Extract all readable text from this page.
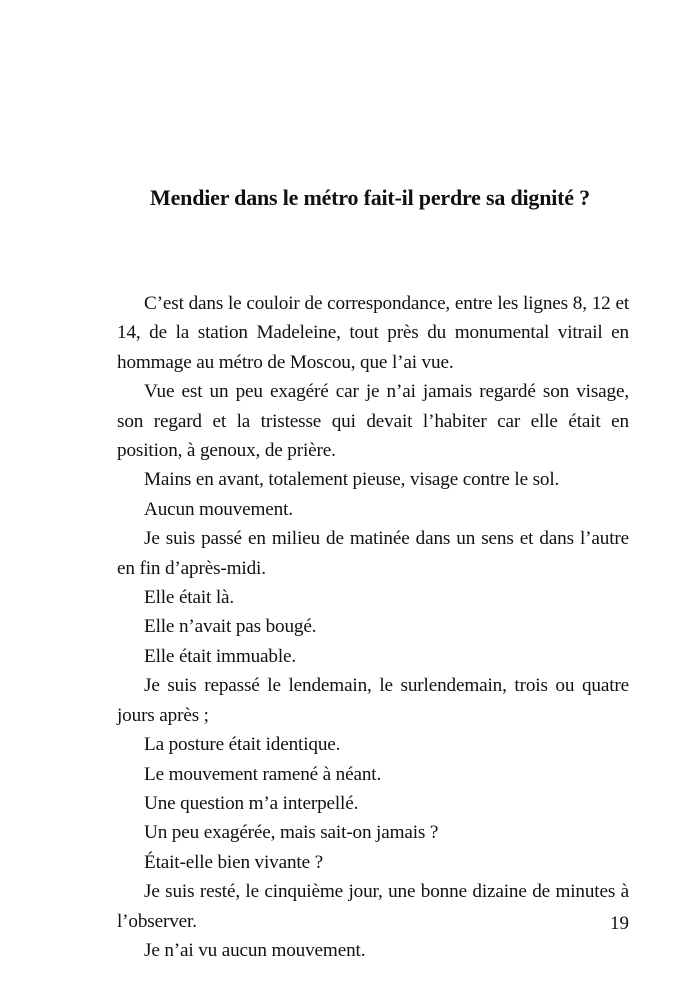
Mendier dans le métro fait-il perdre sa dignité ?

C’est dans le couloir de correspondance, entre les lignes 8, 12 et 14, de la station Madeleine, tout près du monumental vitrail en hommage au métro de Moscou, que l’ai vue.

Vue est un peu exagéré car je n’ai jamais regardé son visage, son regard et la tristesse qui devait l’habiter car elle était en position, à genoux, de prière.

Mains en avant, totalement pieuse, visage contre le sol.

Aucun mouvement.

Je suis passé en milieu de matinée dans un sens et dans l’autre en fin d’après-midi.

Elle était là.

Elle n’avait pas bougé.

Elle était immuable.

Je suis repassé le lendemain, le surlendemain, trois ou quatre jours après ;

La posture était identique.

Le mouvement ramené à néant.

Une question m’a interpellé.

Un peu exagérée, mais sait-on jamais ?

Était-elle bien vivante ?

Je suis resté, le cinquième jour, une bonne dizaine de minutes à l’observer.

Je n’ai vu aucun mouvement.

19
